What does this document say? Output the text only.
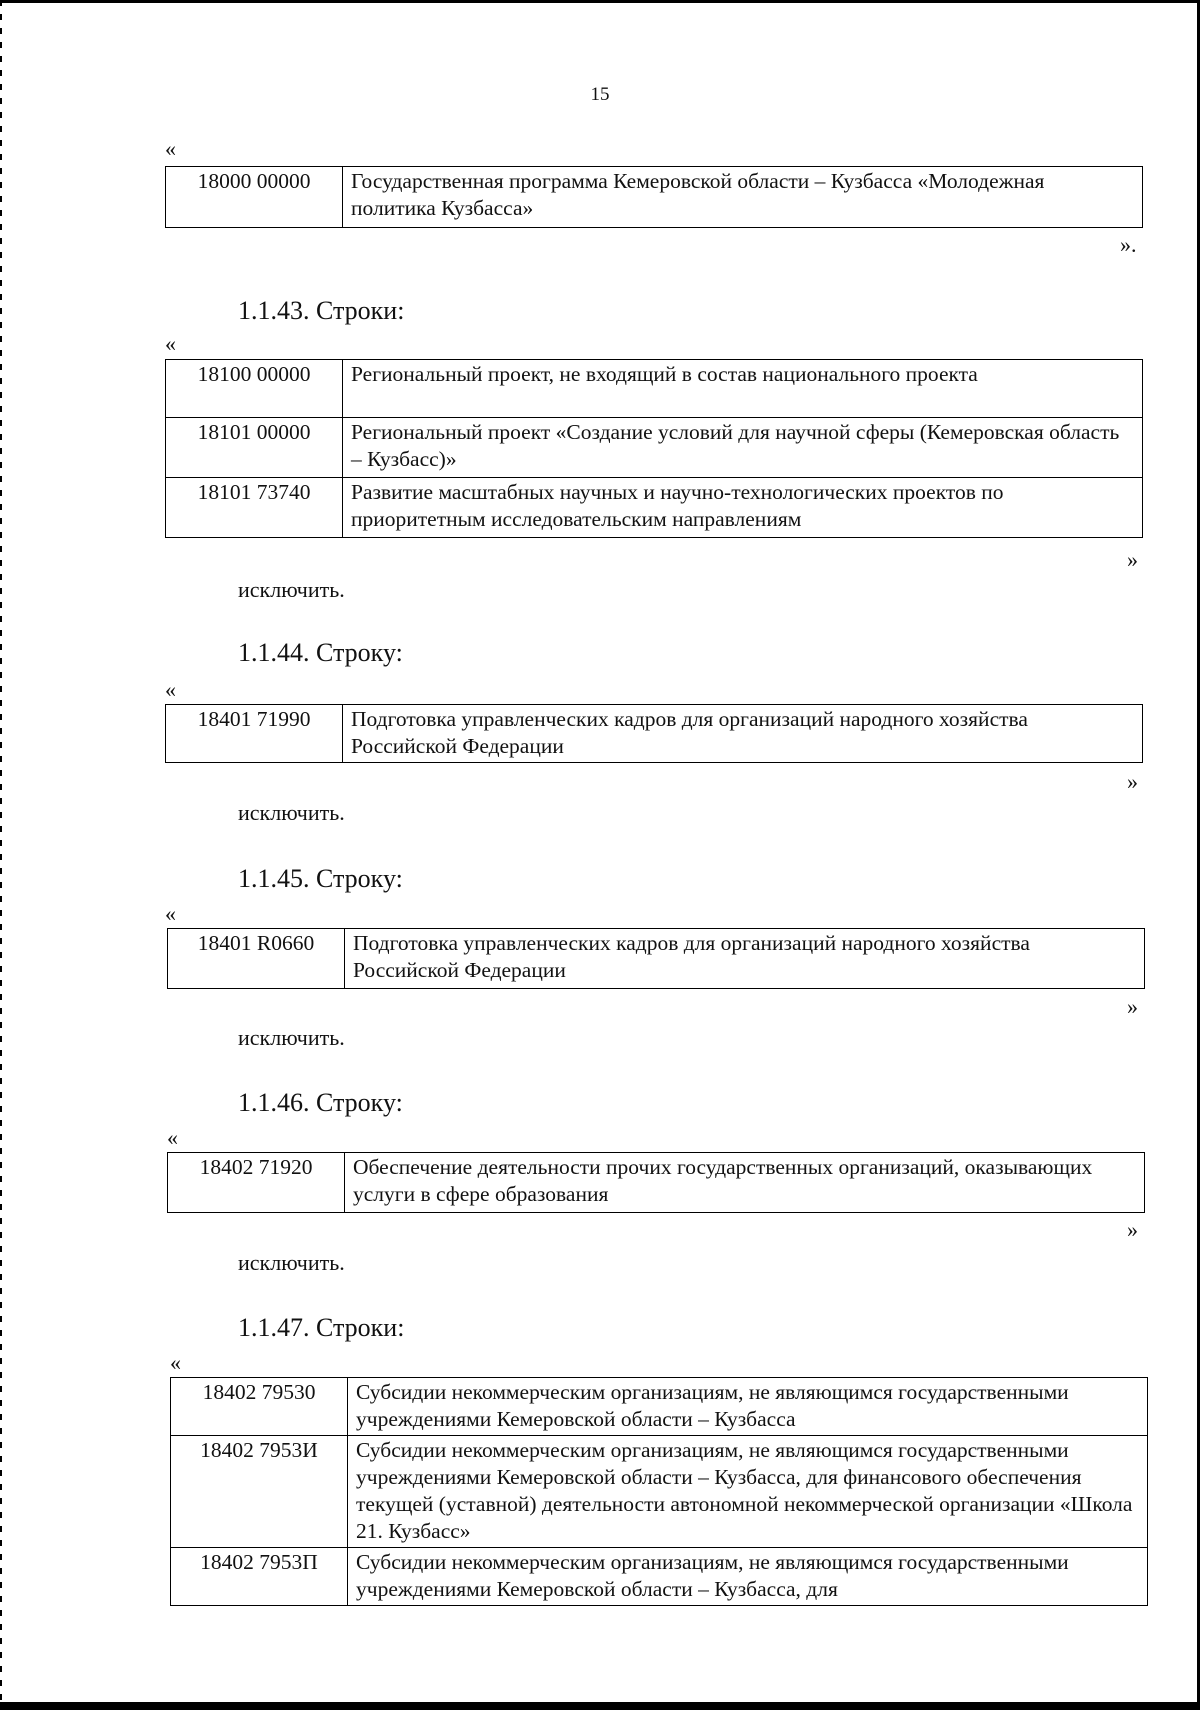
15
«
18000 00000	Государственная программа Кемеровской области – Кузбасса «Молодежная политика Кузбасса»
».
1.1.43. Строки:
«
18100 00000	Региональный проект, не входящий в состав национального проекта
18101 00000	Региональный проект «Создание условий для научной сферы (Кемеровская область – Кузбасс)»
18101 73740	Развитие масштабных научных и научно-технологических проектов по приоритетным исследовательским направлениям
»
исключить.
1.1.44. Строку:
«
18401 71990	Подготовка управленческих кадров для организаций народного хозяйства Российской Федерации
»
исключить.
1.1.45. Строку:
«
18401 R0660	Подготовка управленческих кадров для организаций народного хозяйства Российской Федерации
»
исключить.
1.1.46. Строку:
«
18402 71920	Обеспечение деятельности прочих государственных организаций, оказывающих услуги в сфере образования
»
исключить.
1.1.47. Строки:
«
18402 79530	Субсидии некоммерческим организациям, не являющимся государственными учреждениями Кемеровской области – Кузбасса
18402 7953И	Субсидии некоммерческим организациям, не являющимся государственными учреждениями Кемеровской области – Кузбасса, для финансового обеспечения текущей (уставной) деятельности автономной некоммерческой организации «Школа 21. Кузбасс»
18402 7953П	Субсидии некоммерческим организациям, не являющимся государственными учреждениями Кемеровской области – Кузбасса, для
